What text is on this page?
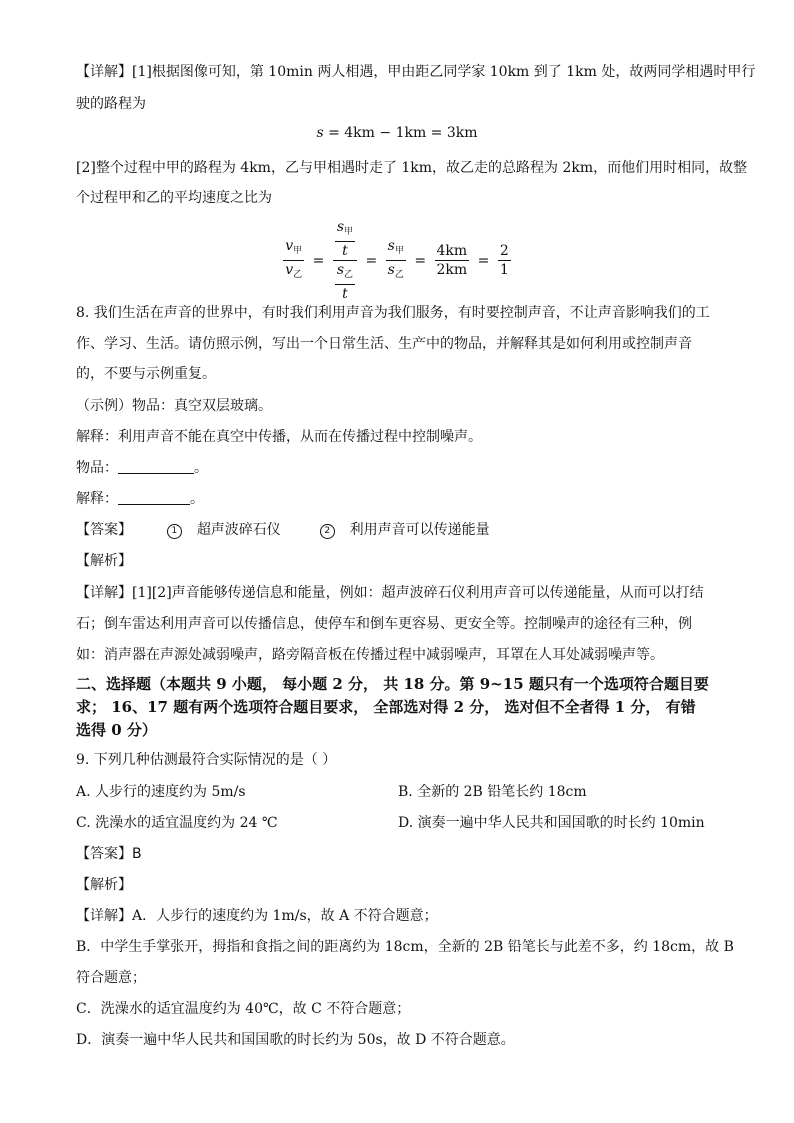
【详解】[1]根据图像可知，第 10min 两人相遇，甲由距乙同学家 10km 到了 1km 处，故两同学相遇时甲行
驶的路程为
s = 4km − 1km = 3km
[2]整个过程中甲的路程为 4km，乙与甲相遇时走了 1km，故乙走的总路程为 2km，而他们用时相同，故整
个过程甲和乙的平均速度之比为
$\frac{v_甲}{v_乙} = \frac{\frac{s_甲}{t}}{\frac{s_乙}{t}} = \frac{s_甲}{s_乙} = \frac{4km}{2km} = \frac{2}{1}$
8. 我们生活在声音的世界中，有时我们利用声音为我们服务，有时要控制声音，不让声音影响我们的工
作、学习、生活。请仿照示例，写出一个日常生活、生产中的物品，并解释其是如何利用或控制声音
的，不要与示例重复。
（示例）物品：真空双层玻璃。
解释：利用声音不能在真空中传播，从而在传播过程中控制噪声。
物品：	。
解释：	。
【答案】	1 超声波碎石仪	2 利用声音可以传递能量
【解析】
【详解】[1][2]声音能够传递信息和能量，例如：超声波碎石仪利用声音可以传递能量，从而可以打结
石；倒车雷达利用声音可以传播信息，使停车和倒车更容易、更安全等。控制噪声的途径有三种，例
如：消声器在声源处减弱噪声，路旁隔音板在传播过程中减弱噪声，耳罩在人耳处减弱噪声等。
二、选择题（本题共 9 小题， 每小题 2 分， 共 18 分。第 9~15 题只有一个选项符合题目要
求； 16、17 题有两个选项符合题目要求， 全部选对得 2 分， 选对但不全者得 1 分， 有错
选得 0 分）
9. 下列几种估测最符合实际情况的是（ ）
A. 人步行的速度约为 5m/s	B. 全新的 2B 铅笔长约 18cm
C. 洗澡水的适宜温度约为 24 ℃	D. 演奏一遍中华人民共和国国歌的时长约 10min
【答案】B
【解析】
【详解】A．人步行的速度约为 1m/s，故 A 不符合题意；
B．中学生手掌张开，拇指和食指之间的距离约为 18cm，全新的 2B 铅笔长与此差不多，约 18cm，故 B
符合题意；
C．洗澡水的适宜温度约为 40℃，故 C 不符合题意；
D．演奏一遍中华人民共和国国歌的时长约为 50s，故 D 不符合题意。
